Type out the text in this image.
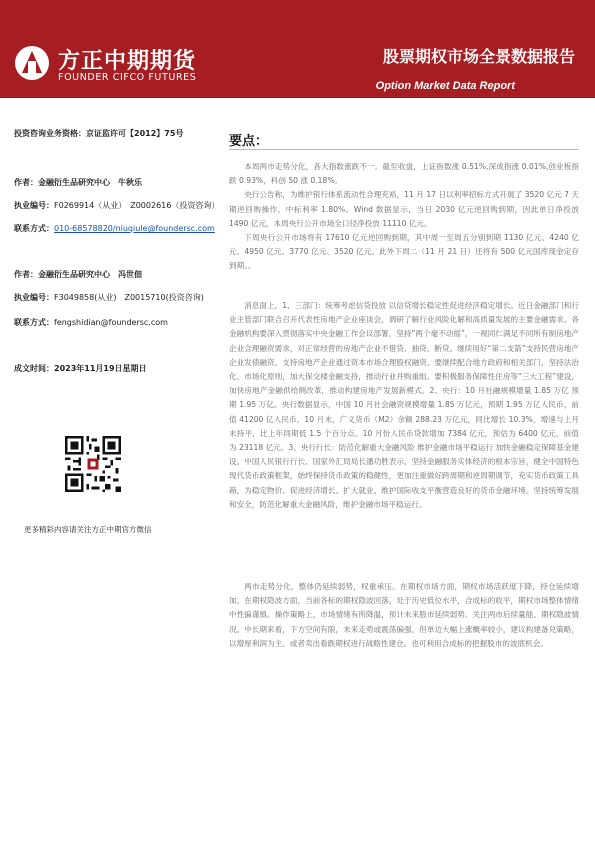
方正中期期货
FOUNDER CIFCO FUTURES
股票期权市场全景数据报告
Option Market Data Report
投资咨询业务资格：京证监许可【2012】75号
作者：金融衍生品研究中心　牛秋乐
执业编号：F0269914（从业）　Z0002616（投资咨询）
联系方式：010-68578820/niuqiule@foundersc.com
作者：金融衍生品研究中心　冯世佃
执业编号：F3049858(从业)　Z0015710(投资咨询)
联系方式：fengshidian@foundersc.com
成文时间：2023年11月19日星期日
更多精彩内容请关注方正中期官方微信
要点：

本周两市走势分化，各大指数涨跌不一。截至收盘，上证指数涨 0.51%,深成指涨 0.01%,创业板指跌 0.93%，科创 50 涨 0.18%。

央行公告称，为维护银行体系流动性合理充裕，11 月 17 日以利率招标方式开展了 3520 亿元 7 天期逆回购操作，中标利率 1.80%。Wind 数据显示，当日 2030 亿元逆回购到期，因此单日净投放 1490 亿元，本周央行公开市场全口径净投放 11110 亿元。

下周央行公开市场将有 17610 亿元逆回购到期，其中周一至周五分别到期 1130 亿元、4240 亿元、4950 亿元、3770 亿元、3520 亿元。此外下周二（11 月 21 日）还将有 500 亿元国库现金定存到期。。

消息面上，1、三部门：统筹考虑信贷投放 以信贷增长稳定性促进经济稳定增长。近日金融部门和行业主管部门联合召开代表性房地产企业座谈会，调研了解行业风险化解和高质量发展的主要金融需求。各金融机构要深入贯彻落实中央金融工作会议部署，坚持“两个毫不动摇”，一视同仁满足不同所有制房地产企业合理融资需求，对正常经营的房地产企业不惜贷、抽贷、断贷。继续用好“第二支箭”支持民营房地产企业发债融资。支持房地产企业通过资本市场合理股权融资。要继续配合地方政府和相关部门，坚持法治化、市场化原则，加大保交楼金融支持，推动行业并购重组。要积极服务保障性住房等“三大工程”建设，加快房地产金融供给侧改革，推动构建房地产发展新模式。2、央行：10 月社融规模增量 1.85 万亿 预期 1.95 万亿。央行数据显示，中国 10 月社会融资规模增量 1.85 万亿元，预期 1.95 万亿人民币，前值 41200 亿人民币。10 月末，广义货币（M2）余额 288.23 万亿元，同比增长 10.3%，增速与上月末持平，比上年同期低 1.5 个百分点。10 月份人民币贷款增加 7384 亿元，预估为 6400 亿元，前值为 23118 亿元。3、央行行长：防范化解重大金融风险 维护金融市场平稳运行 加快金融稳定保障基金建设。中国人民银行行长、国家外汇局局长潘功胜表示，坚持金融服务实体经济的根本宗旨，健全中国特色现代货币政策框架，始终保持货币政策的稳健性，更加注重做好跨周期和逆周期调节，充实货币政策工具箱，为稳定物价、促进经济增长、扩大就业、维护国际收支平衡营造良好的货币金融环境。坚持统筹发展和安全，防范化解重大金融风险，维护金融市场平稳运行。

两市走势分化，整体仍延续弱势，权重承压。在期权市场方面，期权市场活跃度下降，持仓延续增加。在期权隐波方面，当前各标的期权隐波回落，处于历史低位水平，合成标的收平，期权市场整体情绪中性偏谨慎。操作策略上，市场情绪有所降温，预计未来股市延续弱势。关注两市后续量能、期权隐波情况。中长期来看，下方空间有限，未来走势或震荡偏强，但单边大幅上涨概率较小，建议构建备兑策略，以增厚利润为主。或者卖出看跌期权进行战略性建仓。也可利用合成标的把握股市的波底机会。
